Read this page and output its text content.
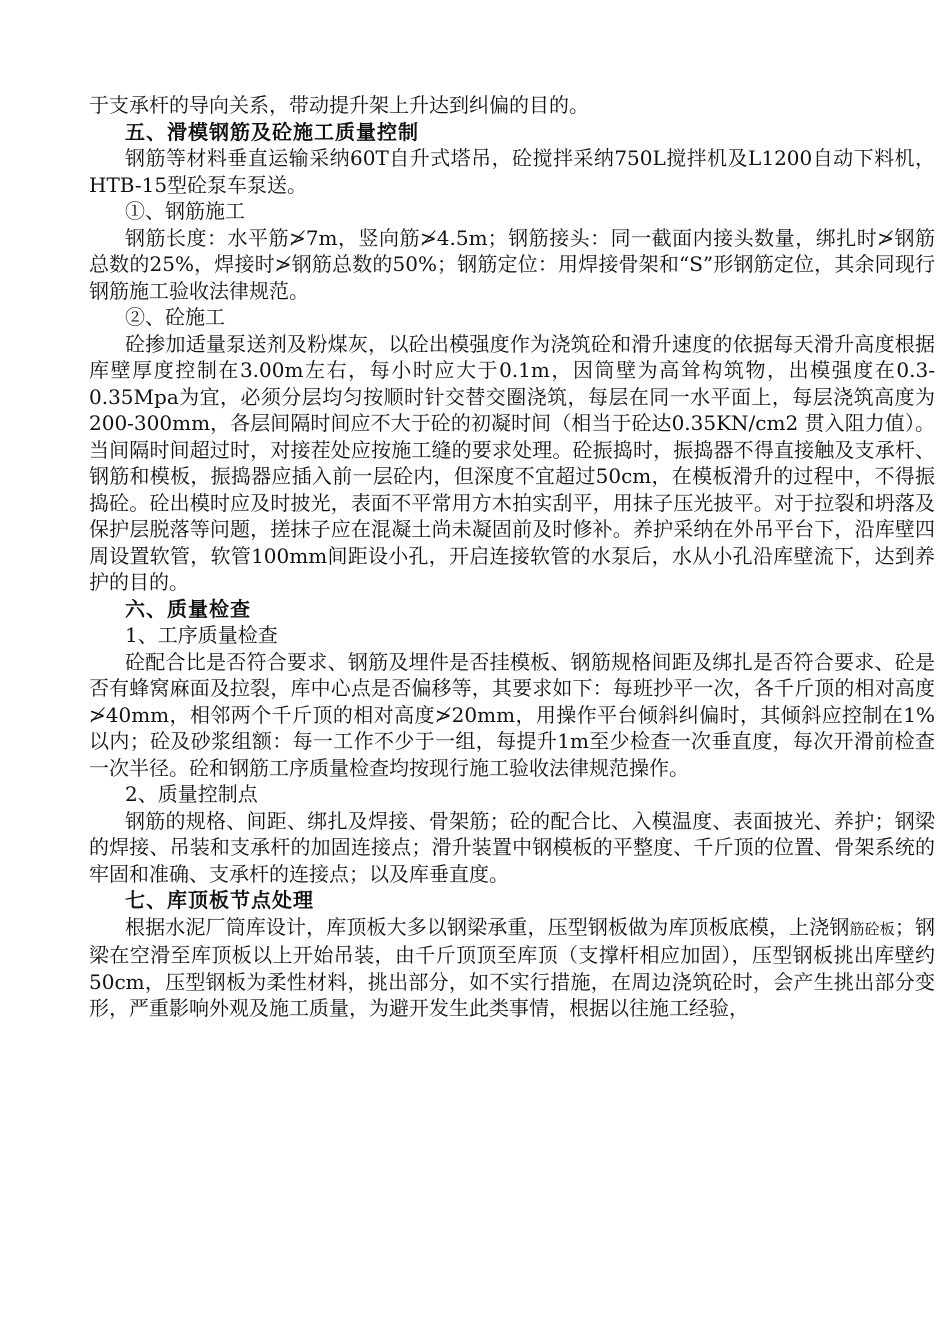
于支承杆的导向关系，带动提升架上升达到纠偏的目的。

五、滑模钢筋及砼施工质量控制

钢筋等材料垂直运输采纳60T自升式塔吊，砼搅拌采纳750L搅拌机及L1200自动下料机，HTB-15型砼泵车泵送。

①、钢筋施工

钢筋长度：水平筋≯7m，竖向筋≯4.5m；钢筋接头：同一截面内接头数量，绑扎时≯钢筋总数的25%，焊接时≯钢筋总数的50%；钢筋定位：用焊接骨架和“S”形钢筋定位，其余同现行钢筋施工验收法律规范。

②、砼施工

砼掺加适量泵送剂及粉煤灰，以砼出模强度作为浇筑砼和滑升速度的依据每天滑升高度根据库壁厚度控制在3.00m左右，每小时应大于0.1m，因筒壁为高耸构筑物，出模强度在0.3-0.35Mpa为宜，必须分层均匀按顺时针交替交圈浇筑，每层在同一水平面上，每层浇筑高度为200-300mm，各层间隔时间应不大于砼的初凝时间（相当于砼达0.35KN/cm2 贯入阻力值）。当间隔时间超过时，对接茬处应按施工缝的要求处理。砼振捣时，振捣器不得直接触及支承杆、钢筋和模板，振捣器应插入前一层砼内，但深度不宜超过50cm，在模板滑升的过程中，不得振捣砼。砼出模时应及时披光，表面不平常用方木拍实刮平，用抹子压光披平。对于拉裂和坍落及保护层脱落等问题，搓抹子应在混凝土尚未凝固前及时修补。养护采纳在外吊平台下，沿库壁四周设置软管，软管100mm间距设小孔，开启连接软管的水泵后，水从小孔沿库壁流下，达到养护的目的。

六、质量检查

1、工序质量检查

砼配合比是否符合要求、钢筋及埋件是否挂模板、钢筋规格间距及绑扎是否符合要求、砼是否有蜂窝麻面及拉裂，库中心点是否偏移等，其要求如下：每班抄平一次，各千斤顶的相对高度≯40mm，相邻两个千斤顶的相对高度≯20mm，用操作平台倾斜纠偏时，其倾斜应控制在1%以内；砼及砂浆组额：每一工作不少于一组，每提升1m至少检查一次垂直度，每次开滑前检查一次半径。砼和钢筋工序质量检查均按现行施工验收法律规范操作。

2、质量控制点

钢筋的规格、间距、绑扎及焊接、骨架筋；砼的配合比、入模温度、表面披光、养护；钢梁的焊接、吊装和支承杆的加固连接点；滑升装置中钢模板的平整度、千斤顶的位置、骨架系统的牢固和准确、支承杆的连接点；以及库垂直度。

七、库顶板节点处理

根据水泥厂筒库设计，库顶板大多以钢梁承重，压型钢板做为库顶板底模，上浇钢筋砼板；钢梁在空滑至库顶板以上开始吊装，由千斤顶顶至库顶（支撑杆相应加固），压型钢板挑出库壁约50cm，压型钢板为柔性材料，挑出部分，如不实行措施，在周边浇筑砼时，会产生挑出部分变形，严重影响外观及施工质量，为避开发生此类事情，根据以往施工经验，
